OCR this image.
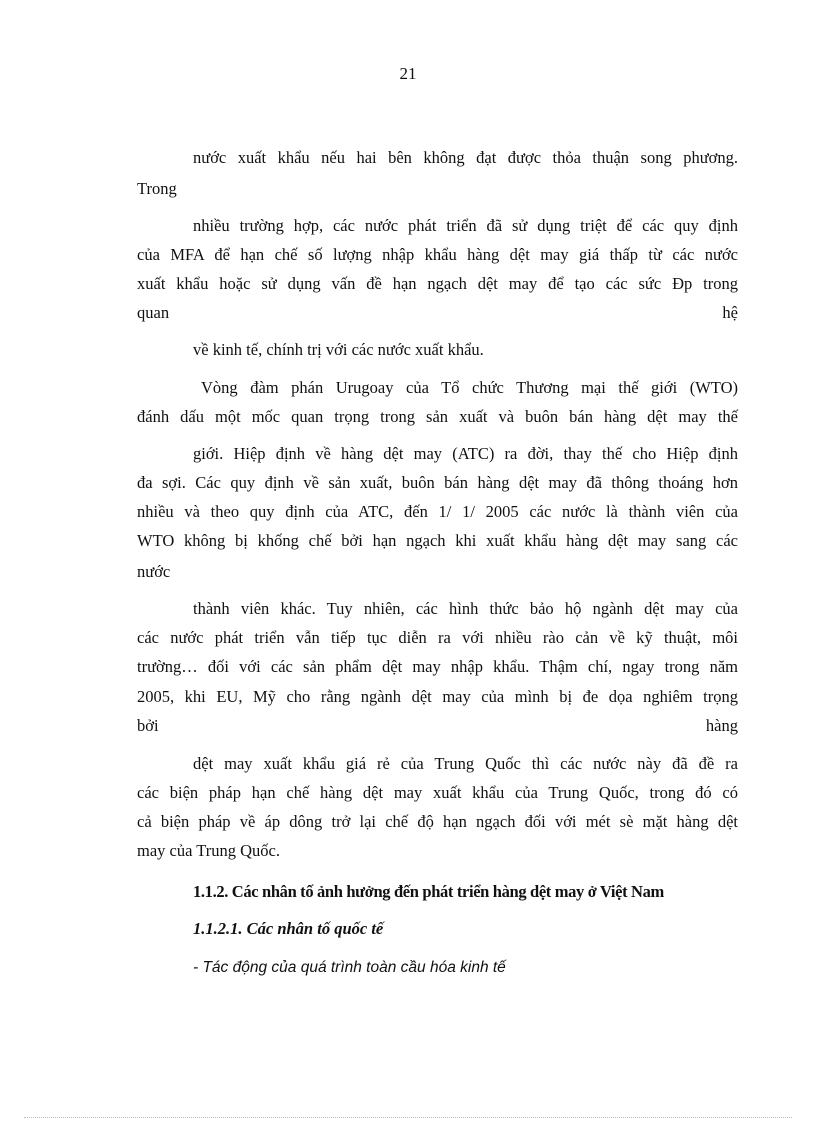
21
nước xuất khẩu nếu hai bên không đạt được thỏa thuận song phương.
Trong
nhiều trường hợp, các nước phát triển đã sử dụng triệt để các quy định
của MFA để hạn chế số lượng nhập khẩu hàng dệt may giá thấp từ các nước
xuất khẩu hoặc sử dụng vấn đề hạn ngạch dệt may để tạo các sức Ðp trong
quan	hệ
về kinh tế, chính trị với các nước xuất khẩu.
Vòng đàm phán Urugoay của Tổ chức Thương mại thế giới (WTO)
đánh dấu một mốc quan trọng trong sản xuất và buôn bán hàng dệt may thế
giới. Hiệp định về hàng dệt may (ATC) ra đời, thay thế cho Hiệp định
đa sợi. Các quy định về sản xuất, buôn bán hàng dệt may đã thông thoáng hơn
nhiều và theo quy định của ATC, đến 1/ 1/ 2005 các nước là thành viên của
WTO không bị khống chế bởi hạn ngạch khi xuất khẩu hàng dệt may sang các
nước
thành viên khác. Tuy nhiên, các hình thức bảo hộ ngành dệt may của
các nước phát triển vẫn tiếp tục diễn ra với nhiều rào cản về kỹ thuật, môi
trường… đối với các sản phẩm dệt may nhập khẩu. Thậm chí, ngay trong năm
2005, khi EU, Mỹ cho rằng ngành dệt may của mình bị đe dọa nghiêm trọng
bởi	hàng
dệt may xuất khẩu giá rẻ của Trung Quốc thì các nước này đã đề ra
các biện pháp hạn chế hàng dệt may xuất khẩu của Trung Quốc, trong đó có
cả biện pháp về áp dông trở lại chế độ hạn ngạch đối với mét sè mặt hàng dệt
may của Trung Quốc.
1.1.2. Các nhân tố ảnh hưởng đến phát triển hàng dệt may ở Việt Nam
1.1.2.1. Các nhân tố quốc tế
- Tác động của quá trình toàn cầu hóa kinh tế
